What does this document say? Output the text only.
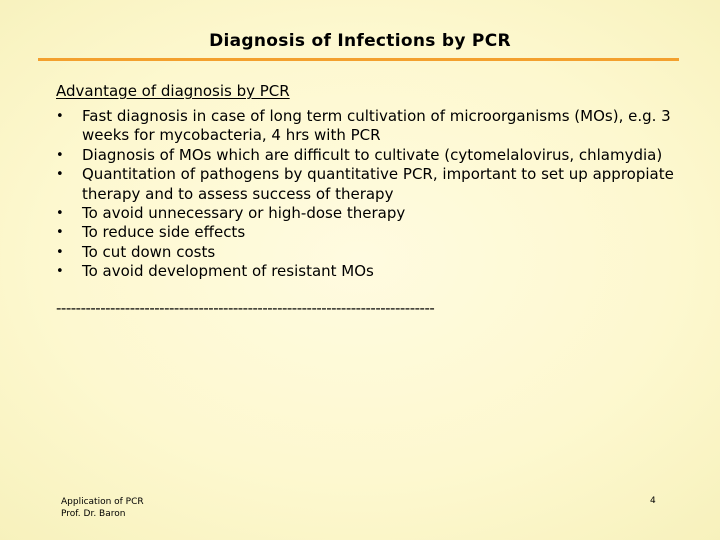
Diagnosis of Infections by PCR
Advantage of diagnosis by PCR
• Fast diagnosis in case of long term cultivation of microorganisms (MOs), e.g. 3 weeks for mycobacteria, 4 hrs with PCR
• Diagnosis of MOs which are difficult to cultivate (cytomelalovirus, chlamydia)
• Quantitation of pathogens by quantitative PCR, important to set up appropiate therapy and to assess success of therapy
• To avoid unnecessary or high-dose therapy
• To reduce side effects
• To cut down costs
• To avoid development of resistant MOs
-----------------------------------------------------------------------------
Application of PCR
Prof. Dr. Baron
4
